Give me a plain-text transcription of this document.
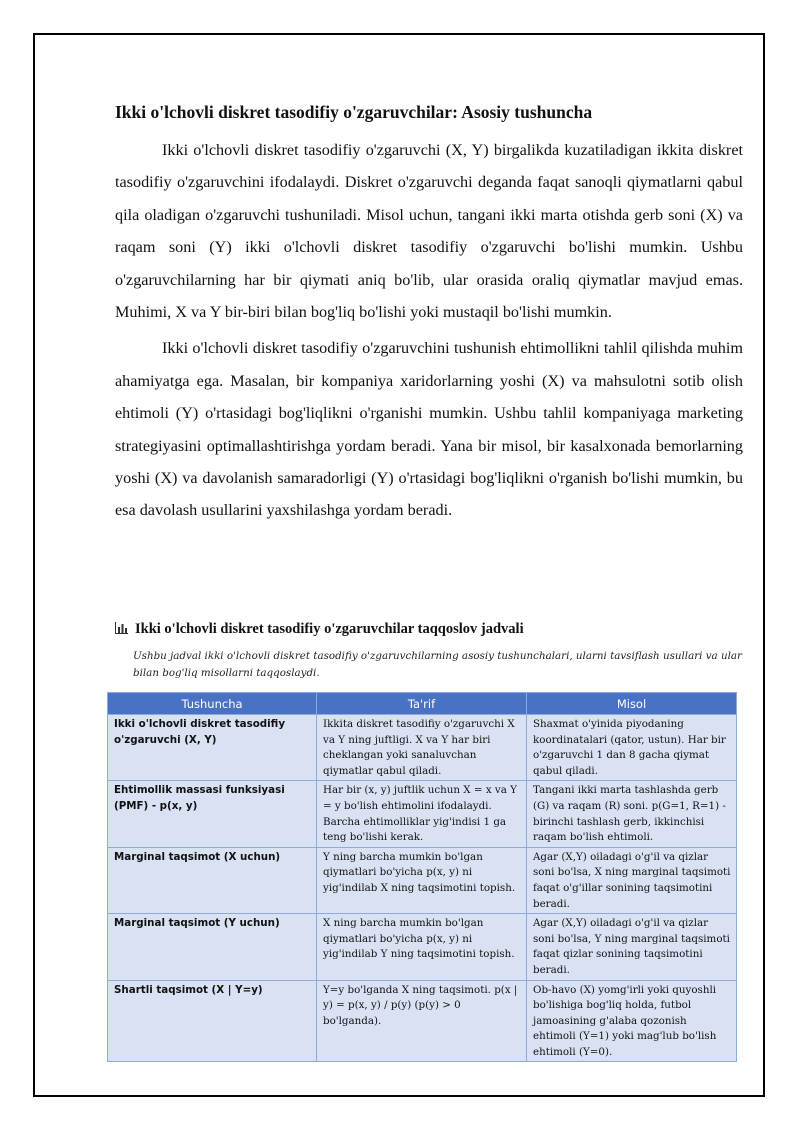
Ikki o'lchovli diskret tasodifiy o'zgaruvchilar: Asosiy tushuncha

Ikki o'lchovli diskret tasodifiy o'zgaruvchi (X, Y) birgalikda kuzatiladigan ikkita diskret tasodifiy o'zgaruvchini ifodalaydi. Diskret o'zgaruvchi deganda faqat sanoqli qiymatlarni qabul qila oladigan o'zgaruvchi tushuniladi. Misol uchun, tangani ikki marta otishda gerb soni (X) va raqam soni (Y) ikki o'lchovli diskret tasodifiy o'zgaruvchi bo'lishi mumkin. Ushbu o'zgaruvchilarning har bir qiymati aniq bo'lib, ular orasida oraliq qiymatlar mavjud emas. Muhimi, X va Y bir-biri bilan bog'liq bo'lishi yoki mustaqil bo'lishi mumkin.

Ikki o'lchovli diskret tasodifiy o'zgaruvchini tushunish ehtimollikni tahlil qilishda muhim ahamiyatga ega. Masalan, bir kompaniya xaridorlarning yoshi (X) va mahsulotni sotib olish ehtimoli (Y) o'rtasidagi bog'liqlikni o'rganishi mumkin. Ushbu tahlil kompaniyaga marketing strategiyasini optimallashtirishga yordam beradi. Yana bir misol, bir kasalxonada bemorlarning yoshi (X) va davolanish samaradorligi (Y) o'rtasidagi bog'liqlikni o'rganish bo'lishi mumkin, bu esa davolash usullarini yaxshilashga yordam beradi.

Ikki o'lchovli diskret tasodifiy o'zgaruvchilar taqqoslov jadvali
Ushbu jadval ikki o'lchovli diskret tasodifiy o'zgaruvchilarning asosiy tushunchalari, ularni tavsiflash usullari va ular bilan bog'liq misollarni taqqoslaydi.
Tushuncha	Ta'rif	Misol
Ikki o'lchovli diskret tasodifiy o'zgaruvchi (X, Y)	Ikkita diskret tasodifiy o'zgaruvchi X va Y ning juftligi. X va Y har biri cheklangan yoki sanaluvchan qiymatlar qabul qiladi.	Shaxmat o'yinida piyodaning koordinatalari (qator, ustun). Har bir o'zgaruvchi 1 dan 8 gacha qiymat qabul qiladi.
Ehtimollik massasi funksiyasi (PMF) - p(x, y)	Har bir (x, y) juftlik uchun X = x va Y = y bo'lish ehtimolini ifodalaydi. Barcha ehtimolliklar yig'indisi 1 ga teng bo'lishi kerak.	Tangani ikki marta tashlashda gerb (G) va raqam (R) soni. p(G=1, R=1) - birinchi tashlash gerb, ikkinchisi raqam bo'lish ehtimoli.
Marginal taqsimot (X uchun)	Y ning barcha mumkin bo'lgan qiymatlari bo'yicha p(x, y) ni yig'indilab X ning taqsimotini topish.	Agar (X,Y) oiladagi o'g'il va qizlar soni bo'lsa, X ning marginal taqsimoti faqat o'g'illar sonining taqsimotini beradi.
Marginal taqsimot (Y uchun)	X ning barcha mumkin bo'lgan qiymatlari bo'yicha p(x, y) ni yig'indilab Y ning taqsimotini topish.	Agar (X,Y) oiladagi o'g'il va qizlar soni bo'lsa, Y ning marginal taqsimoti faqat qizlar sonining taqsimotini beradi.
Shartli taqsimot (X | Y=y)	Y=y bo'lganda X ning taqsimoti. p(x | y) = p(x, y) / p(y) (p(y) > 0 bo'lganda).	Ob-havo (X) yomg'irli yoki quyoshli bo'lishiga bog'liq holda, futbol jamoasining g'alaba qozonish ehtimoli (Y=1) yoki mag'lub bo'lish ehtimoli (Y=0).
